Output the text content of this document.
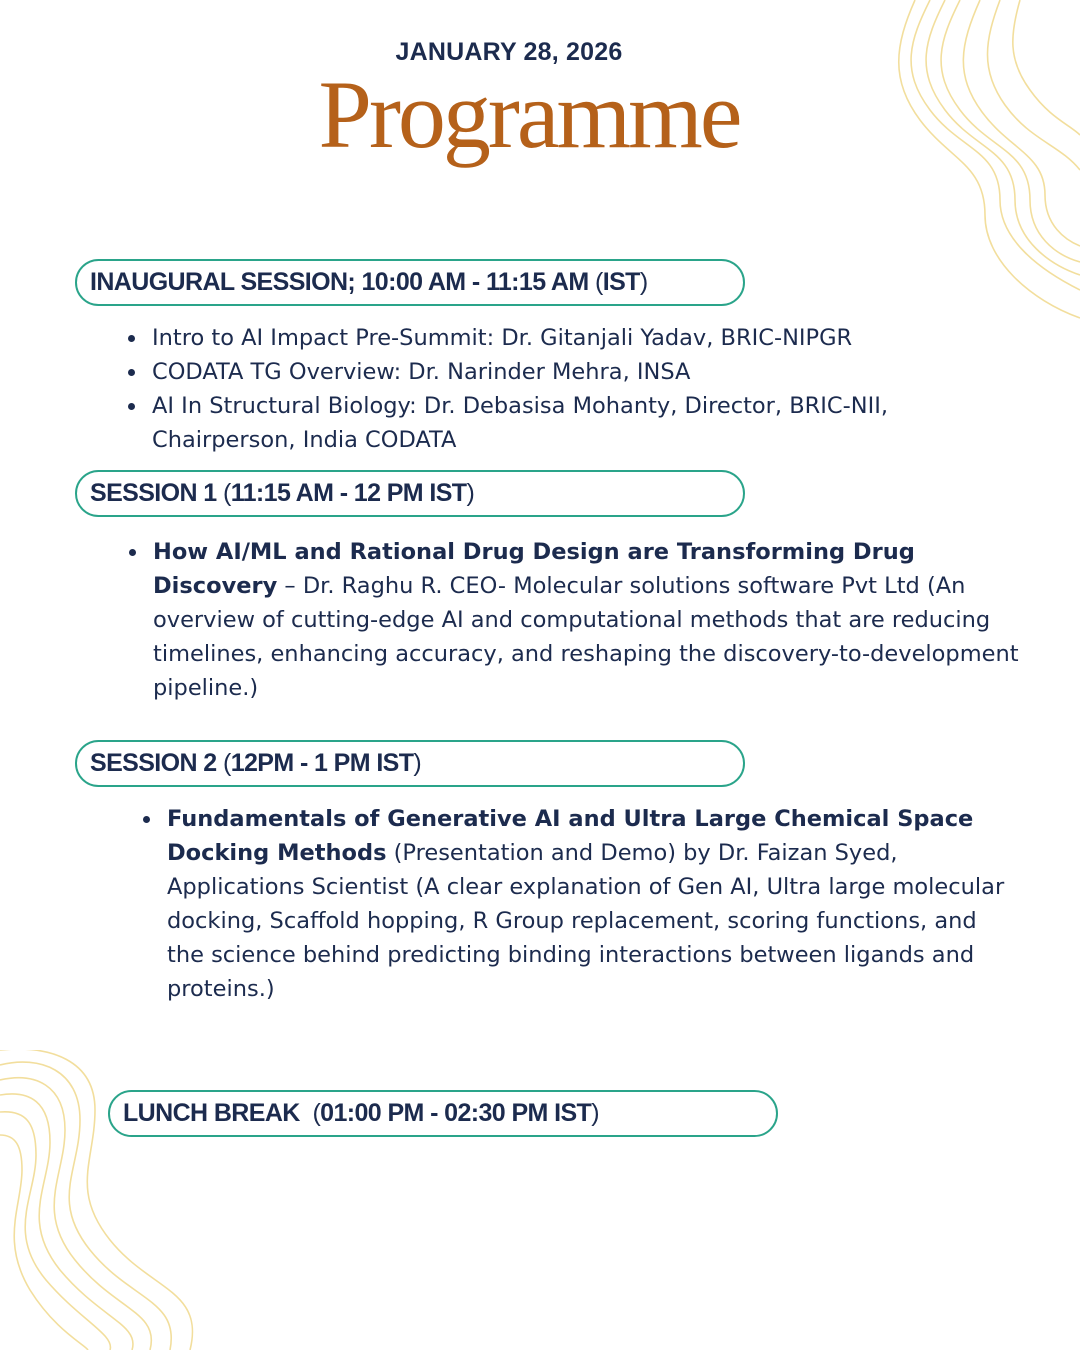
JANUARY 28, 2026
Programme
INAUGURAL SESSION; 10:00 AM - 11:15 AM
( IST )
Intro to AI Impact Pre-Summit: Dr. Gitanjali Yadav, BRIC-NIPGR
CODATA TG Overview: Dr. Narinder Mehra, INSA
AI In Structural Biology: Dr. Debasisa Mohanty, Director, BRIC-NII, Chairperson, India CODATA
SESSION 1
( 11:15 AM - 12 PM IST )
How AI/ML and Rational Drug Design are Transforming Drug Discovery – Dr. Raghu R. CEO- Molecular solutions software Pvt Ltd (An overview of cutting-edge AI and computational methods that are reducing timelines, enhancing accuracy, and reshaping the discovery-to-development pipeline.)
SESSION 2
( 12PM - 1 PM IST )
Fundamentals of Generative AI and Ultra Large Chemical Space Docking Methods (Presentation and Demo) by Dr. Faizan Syed, Applications Scientist (A clear explanation of Gen AI, Ultra large molecular docking, Scaffold hopping, R Group replacement, scoring functions, and the science behind predicting binding interactions between ligands and proteins.)
LUNCH BREAK
( 01:00 PM - 02:30 PM IST )
